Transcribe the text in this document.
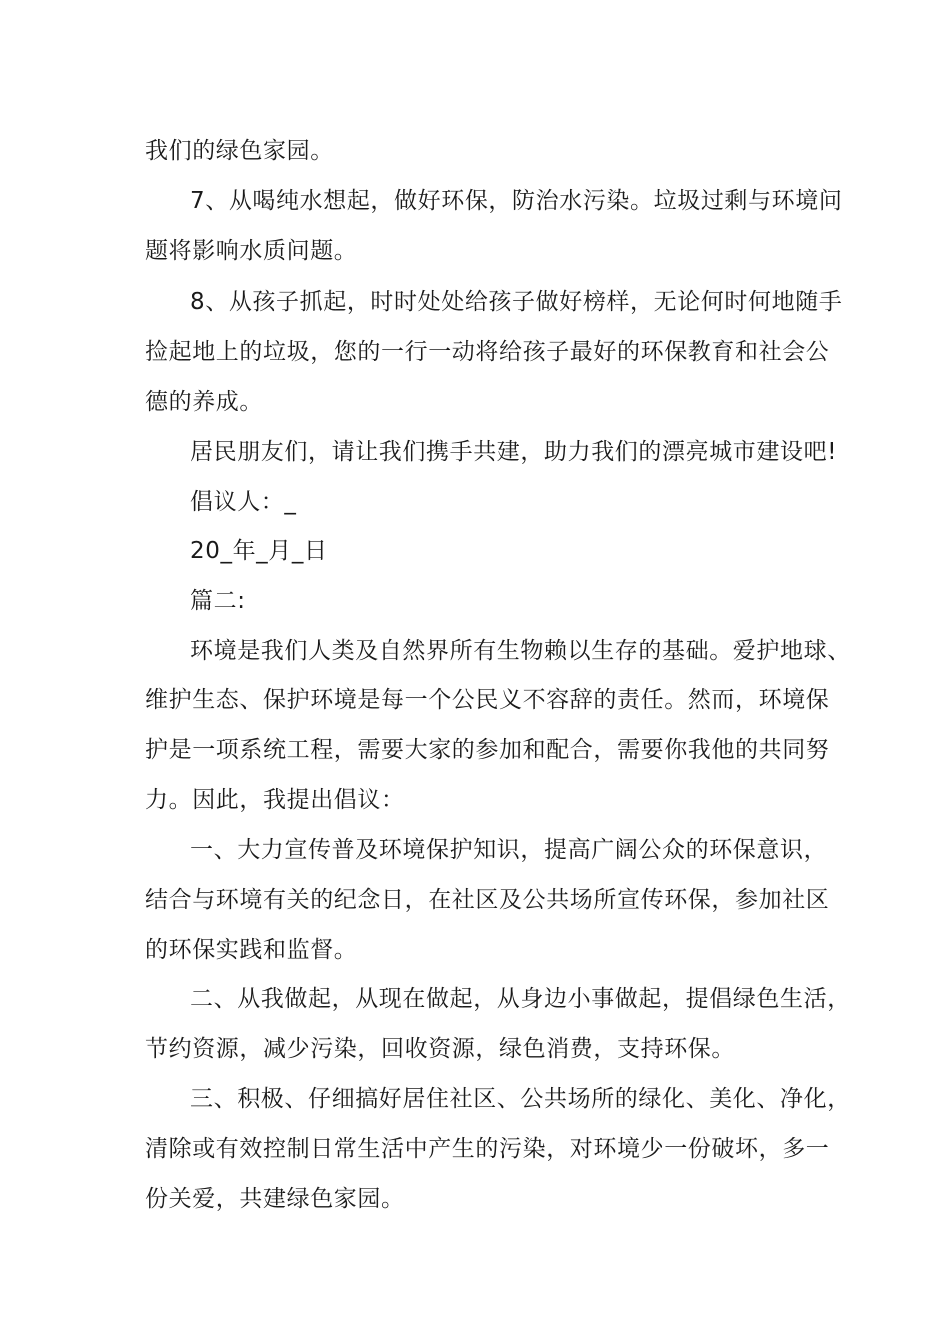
我们的绿色家园。

7、从喝纯水想起，做好环保，防治水污染。垃圾过剩与环境问

题将影响水质问题。

8、从孩子抓起，时时处处给孩子做好榜样，无论何时何地随手

捡起地上的垃圾，您的一行一动将给孩子最好的环保教育和社会公

德的养成。

居民朋友们，请让我们携手共建，助力我们的漂亮城市建设吧!

倡议人：_

20_年_月_日

篇二:

环境是我们人类及自然界所有生物赖以生存的基础。爱护地球、

维护生态、保护环境是每一个公民义不容辞的责任。然而，环境保

护是一项系统工程，需要大家的参加和配合，需要你我他的共同努

力。因此，我提出倡议：

一、大力宣传普及环境保护知识，提高广阔公众的环保意识，

结合与环境有关的纪念日，在社区及公共场所宣传环保，参加社区

的环保实践和监督。

二、从我做起，从现在做起，从身边小事做起，提倡绿色生活，

节约资源，减少污染，回收资源，绿色消费，支持环保。

三、积极、仔细搞好居住社区、公共场所的绿化、美化、净化，

清除或有效控制日常生活中产生的污染，对环境少一份破坏，多一

份关爱，共建绿色家园。
